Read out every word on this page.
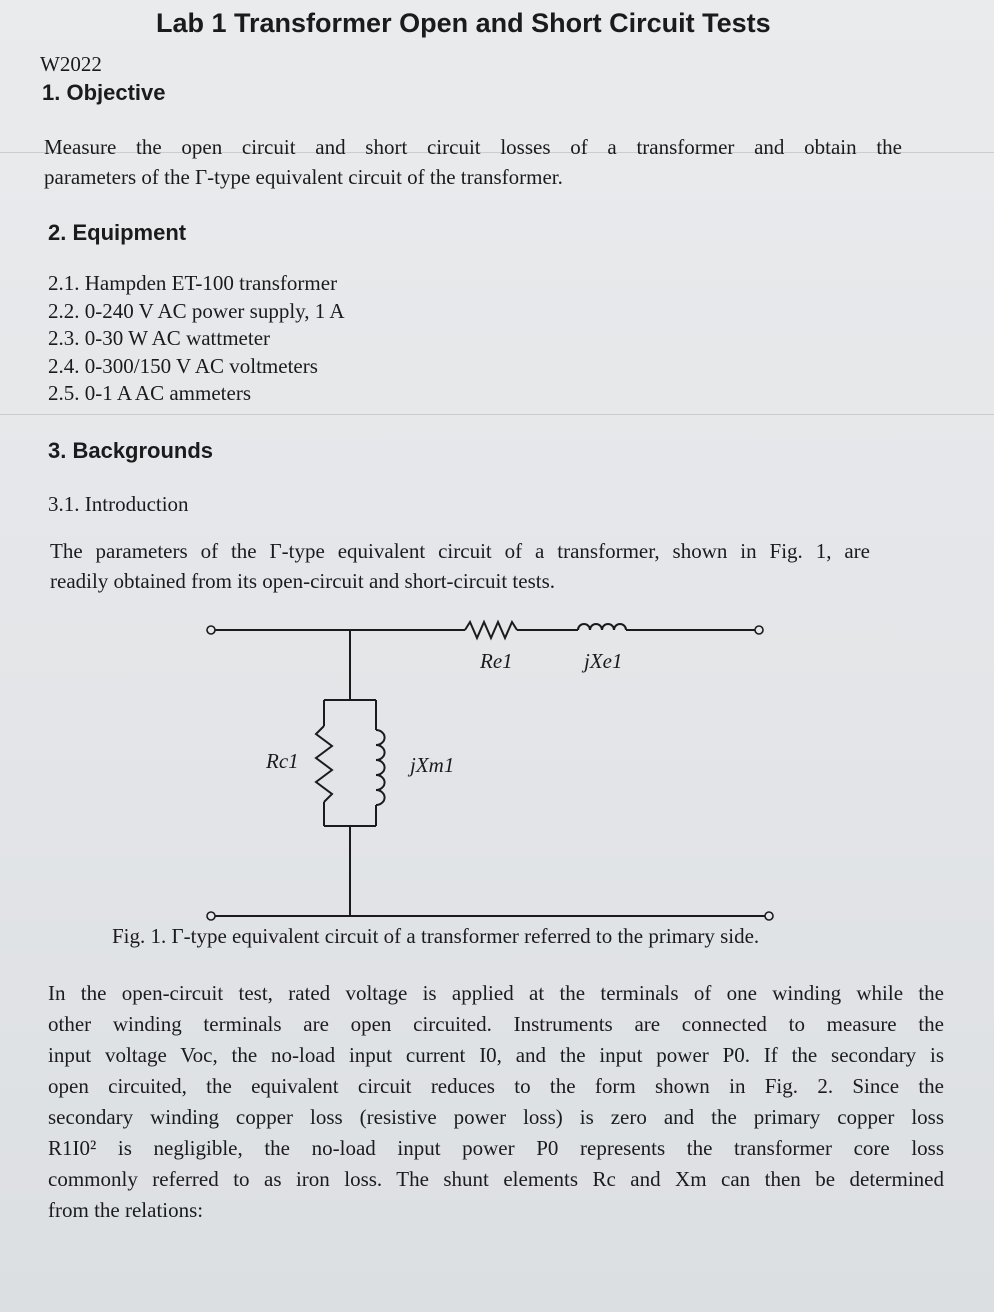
Lab 1 Transformer Open and Short Circuit Tests
W2022
1. Objective

Measure the open circuit and short circuit losses of a transformer and obtain the

parameters of the Γ-type equivalent circuit of the transformer.

2. Equipment
2.1. Hampden ET-100 transformer
2.2. 0-240 V AC power supply, 1 A
2.3. 0-30 W AC wattmeter
2.4. 0-300/150 V AC voltmeters
2.5. 0-1 A AC ammeters
3. Backgrounds
3.1. Introduction

The parameters of the Γ-type equivalent circuit of a transformer, shown in Fig. 1, are

readily obtained from its open-circuit and short-circuit tests.

Re1	jXe1
Rc1	jXm1
Fig. 1. Γ-type equivalent circuit of a transformer referred to the primary side.

In the open-circuit test, rated voltage is applied at the terminals of one winding while the

other winding terminals are open circuited. Instruments are connected to measure the

input voltage Voc, the no-load input current I0, and the input power P0. If the secondary is

open circuited, the equivalent circuit reduces to the form shown in Fig. 2. Since the

secondary winding copper loss (resistive power loss) is zero and the primary copper loss

R1I0² is negligible, the no-load input power P0 represents the transformer core loss

commonly referred to as iron loss. The shunt elements Rc and Xm can then be determined

from the relations:
